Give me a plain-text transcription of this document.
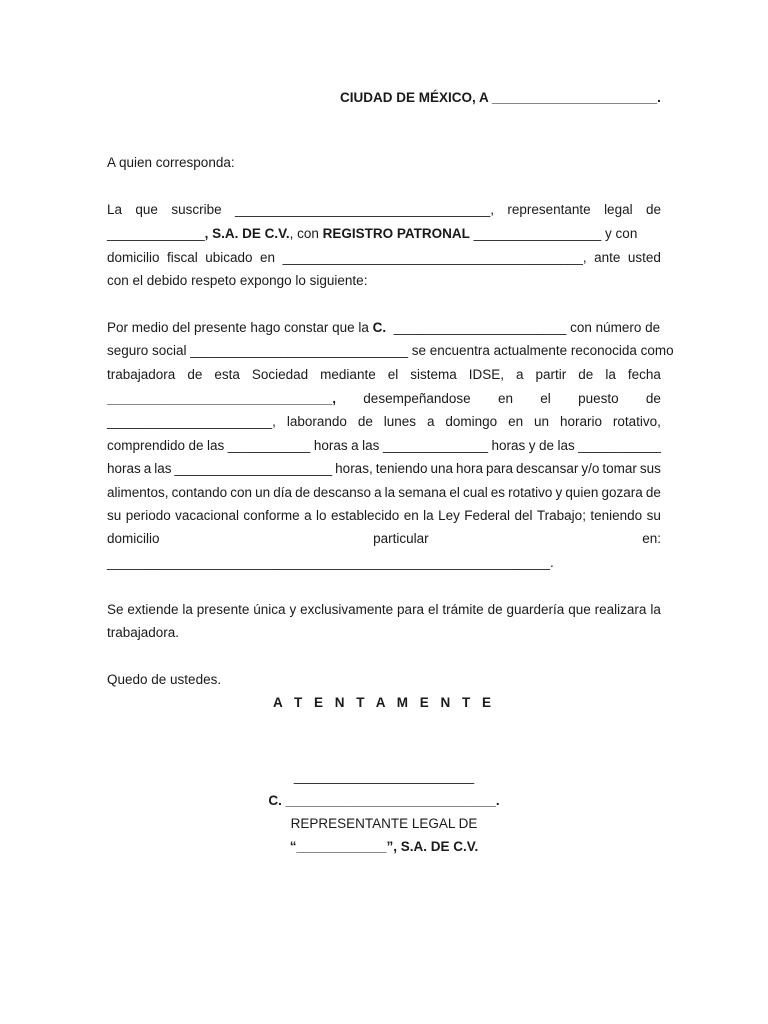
CIUDAD DE MÉXICO, A ______________________.
A quien corresponda:
La que suscribe __________________________________, representante legal de
_____________, S.A. DE C.V., con REGISTRO PATRONAL _________________ y con
domicilio fiscal ubicado en ________________________________________, ante usted
con el debido respeto expongo lo siguiente:
Por medio del presente hago constar que la C.  _______________________ con número de
seguro social _____________________________ se encuentra actualmente reconocida como
trabajadora de esta Sociedad mediante el sistema IDSE, a partir de la fecha
______________________________, desempeñandose en el puesto de
______________________, laborando de lunes a domingo en un horario rotativo,
comprendido de las ___________ horas a las ______________ horas y de las ___________
horas a las _____________________ horas, teniendo una hora para descansar y/o tomar sus
alimentos, contando con un día de descanso a la semana el cual es rotativo y quien gozara de
su periodo vacacional conforme a lo establecido en la Ley Federal del Trabajo; teniendo su
domicilio	particular	en:
___________________________________________________________.
Se extiende la presente única y exclusivamente para el trámite de guardería que realizara la
trabajadora.
Quedo de ustedes.
A T E N T A M E N T E
________________________
C. ____________________________.
REPRESENTANTE LEGAL DE
“____________”, S.A. DE C.V.
